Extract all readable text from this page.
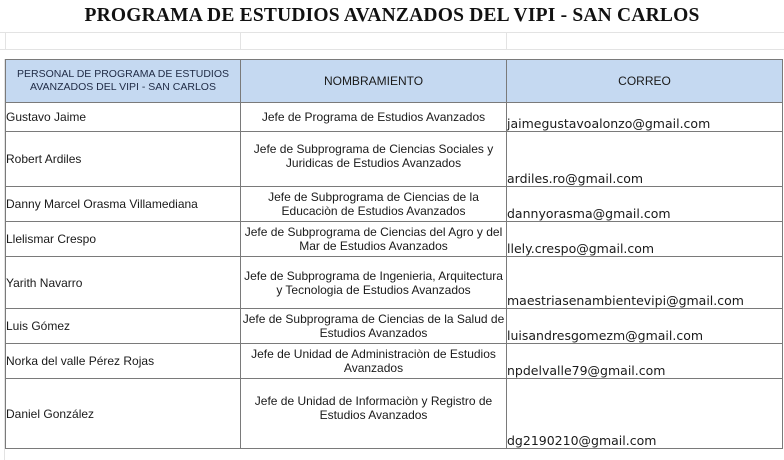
PROGRAMA DE ESTUDIOS AVANZADOS DEL VIPI - SAN CARLOS
PERSONAL DE PROGRAMA DE ESTUDIOS AVANZADOS DEL VIPI - SAN CARLOS	NOMBRAMIENTO	CORREO
Gustavo Jaime	Jefe de Programa de Estudios Avanzados	jaimegustavoalonzo@gmail.com
Robert Ardiles	Jefe de Subprograma de Ciencias Sociales y Juridicas de Estudios Avanzados	ardiles.ro@gmail.com
Danny Marcel Orasma Villamediana	Jefe de Subprograma de Ciencias de la Educaciòn de Estudios Avanzados	dannyorasma@gmail.com
Llelismar Crespo	Jefe de Subprograma de Ciencias del Agro y del Mar de Estudios Avanzados	llely.crespo@gmail.com
Yarith Navarro	Jefe de Subprograma de Ingenieria, Arquitectura y Tecnologia de Estudios Avanzados	maestriasenambientevipi@gmail.com
Luis Gómez	Jefe de Subprograma de Ciencias de la Salud de Estudios Avanzados	luisandresgomezm@gmail.com
Norka del valle Pérez Rojas	Jefe de Unidad de Administraciòn de Estudios Avanzados	npdelvalle79@gmail.com
Daniel González	Jefe de Unidad de Informaciòn y Registro de Estudios Avanzados	dg2190210@gmail.com
